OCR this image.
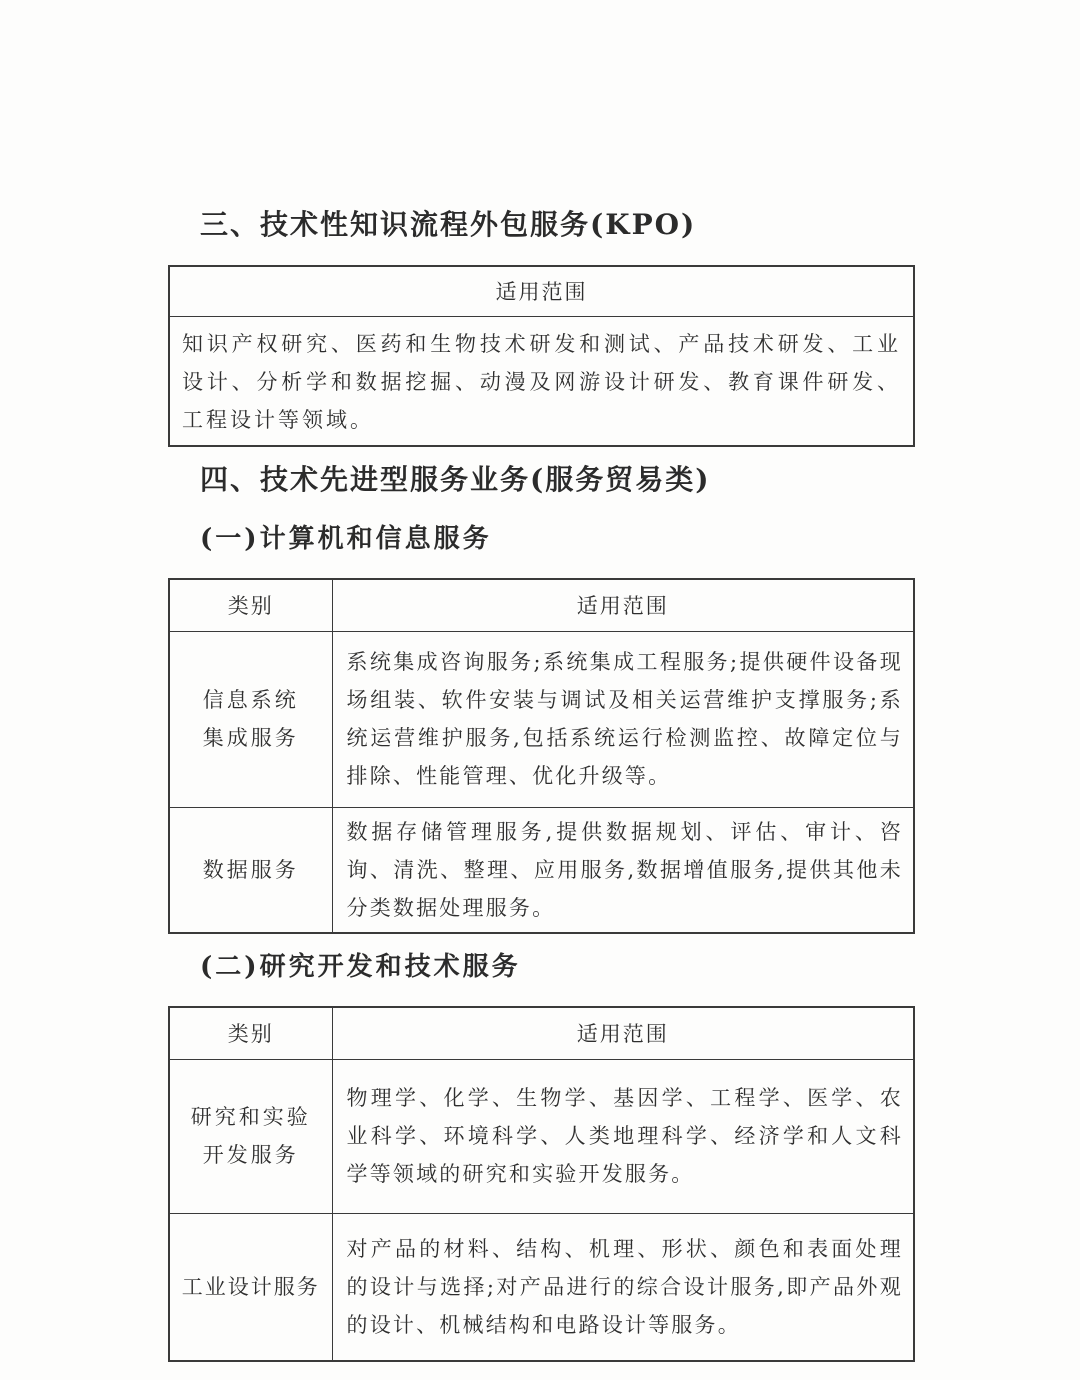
三、技术性知识流程外包服务(KPO)
适用范围
知识产权研究、医药和生物技术研发和测试、产品技术研发、工业设计、分析学和数据挖掘、动漫及网游设计研发、教育课件研发、工程设计等领域。
四、技术先进型服务业务(服务贸易类)
(一)计算机和信息服务
类别	适用范围

信息系统
集成服务	系统集成咨询服务;系统集成工程服务;提供硬件设备现场组装、软件安装与调试及相关运营维护支撑服务;系统运营维护服务,包括系统运行检测监控、故障定位与排除、性能管理、优化升级等。

数据服务	数据存储管理服务,提供数据规划、评估、审计、咨询、清洗、整理、应用服务,数据增值服务,提供其他未分类数据处理服务。
(二)研究开发和技术服务
类别	适用范围

研究和实验
开发服务	物理学、化学、生物学、基因学、工程学、医学、农业科学、环境科学、人类地理科学、经济学和人文科学等领域的研究和实验开发服务。

工业设计服务	对产品的材料、结构、机理、形状、颜色和表面处理的设计与选择;对产品进行的综合设计服务,即产品外观的设计、机械结构和电路设计等服务。
